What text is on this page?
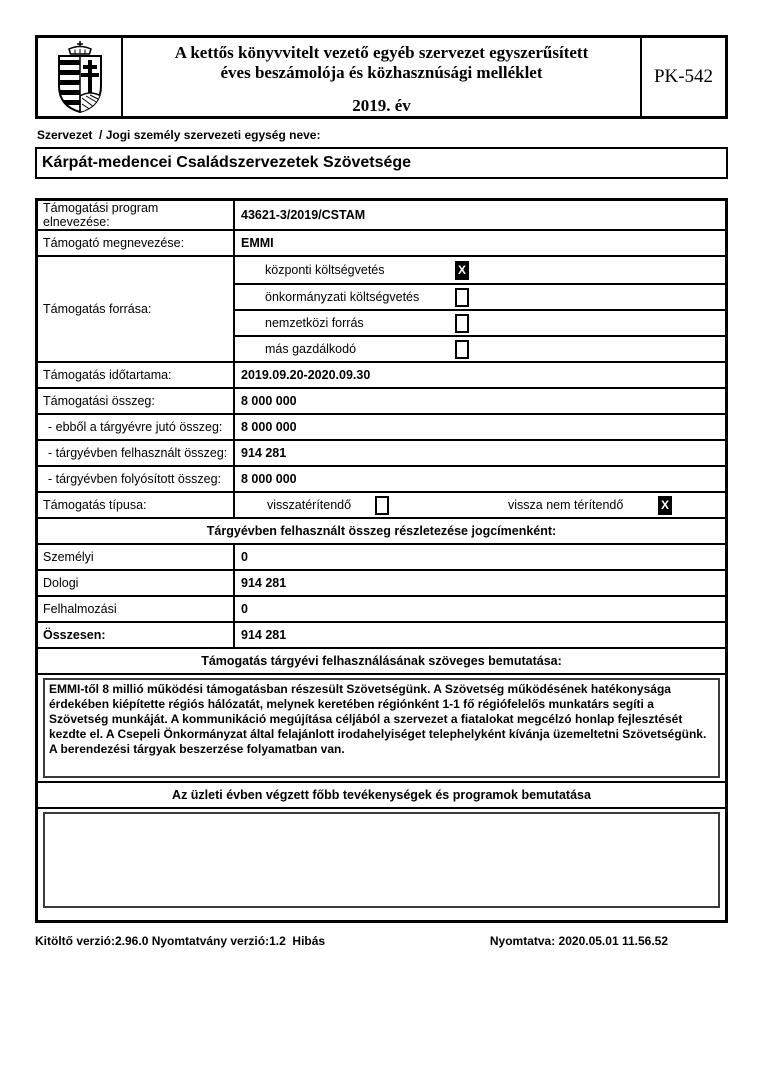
A kettős könyvvitelt vezető egyéb szervezet egyszerűsített
éves beszámolója és közhasznúsági melléklet
2019. év
PK-542
Szervezet  / Jogi személy szervezeti egység neve:
Kárpát-medencei Családszervezetek Szövetsége
Támogatási program elnevezése:	43621-3/2019/CSTAM
Támogató megnevezése:	EMMI
Támogatás forrása:
központi költségvetés	X
önkormányzati költségvetés
nemzetközi forrás
más gazdálkodó
Támogatás időtartama:	2019.09.20-2020.09.30
Támogatási összeg:	8 000 000
- ebből a tárgyévre jutó összeg:	8 000 000
- tárgyévben felhasznált összeg:	914 281
- tárgyévben folyósított összeg:	8 000 000
Támogatás típusa:	visszatérítendő	vissza nem térítendő	X
Tárgyévben felhasznált összeg részletezése jogcímenként:
Személyi	0
Dologi	914 281
Felhalmozási	0
Összesen:	914 281
Támogatás tárgyévi felhasználásának szöveges bemutatása:
EMMI-től 8 millió működési támogatásban részesült Szövetségünk. A Szövetség működésének hatékonysága érdekében kiépítette régiós hálózatát, melynek keretében régiónként 1-1 fő régiófelelős munkatárs segíti a Szövetség munkáját. A kommunikáció megújítása céljából a szervezet a fiatalokat megcélzó honlap fejlesztését kezdte el. A Csepeli Önkormányzat által felajánlott irodahelyiséget telephelyként kívánja üzemeltetni Szövetségünk.  A berendezési tárgyak beszerzése folyamatban van.
Az üzleti évben végzett főbb tevékenységek és programok bemutatása
Kitöltő verzió:2.96.0 Nyomtatvány verzió:1.2  Hibás	Nyomtatva: 2020.05.01 11.56.52
